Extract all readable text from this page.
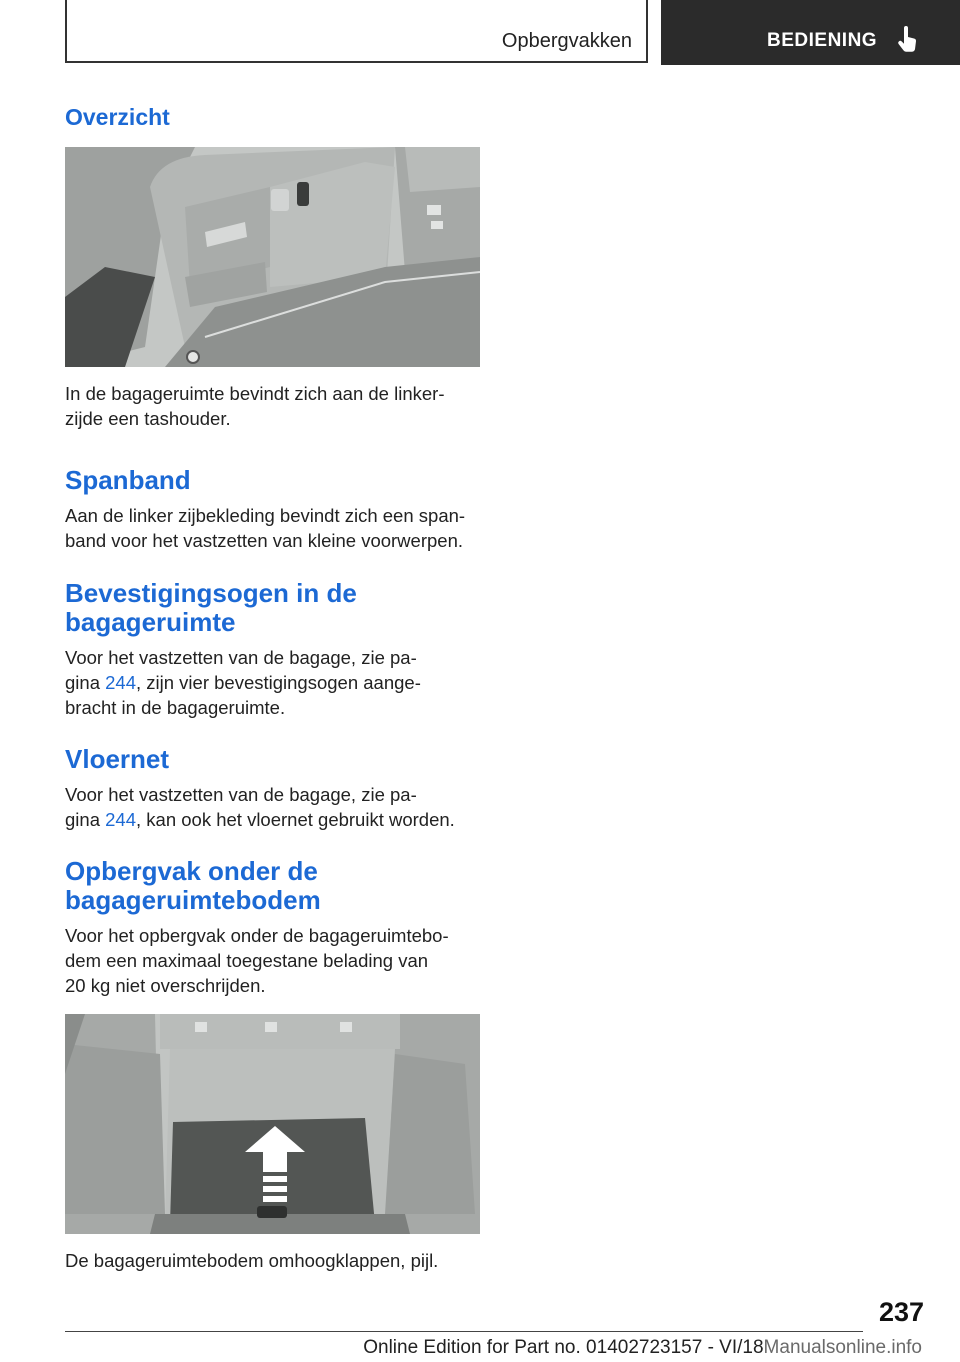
Opbergvakken	BEDIENING
Overzicht

In de bagageruimte bevindt zich aan de linker-
zijde een tashouder.

Spanband

Aan de linker zijbekleding bevindt zich een span-
band voor het vastzetten van kleine voorwerpen.

Bevestigingsogen in de
bagageruimte

Voor het vastzetten van de bagage, zie pa-
gina 244, zijn vier bevestigingsogen aange-
bracht in de bagageruimte.

Vloernet

Voor het vastzetten van de bagage, zie pa-
gina 244, kan ook het vloernet gebruikt worden.

Opbergvak onder de
bagageruimtebodem

Voor het opbergvak onder de bagageruimtebo-
dem een maximaal toegestane belading van
20 kg niet overschrijden.

De bagageruimtebodem omhoogklappen, pijl.

237
Online Edition for Part no. 01402723157 - VI/18Manualsonline.info
